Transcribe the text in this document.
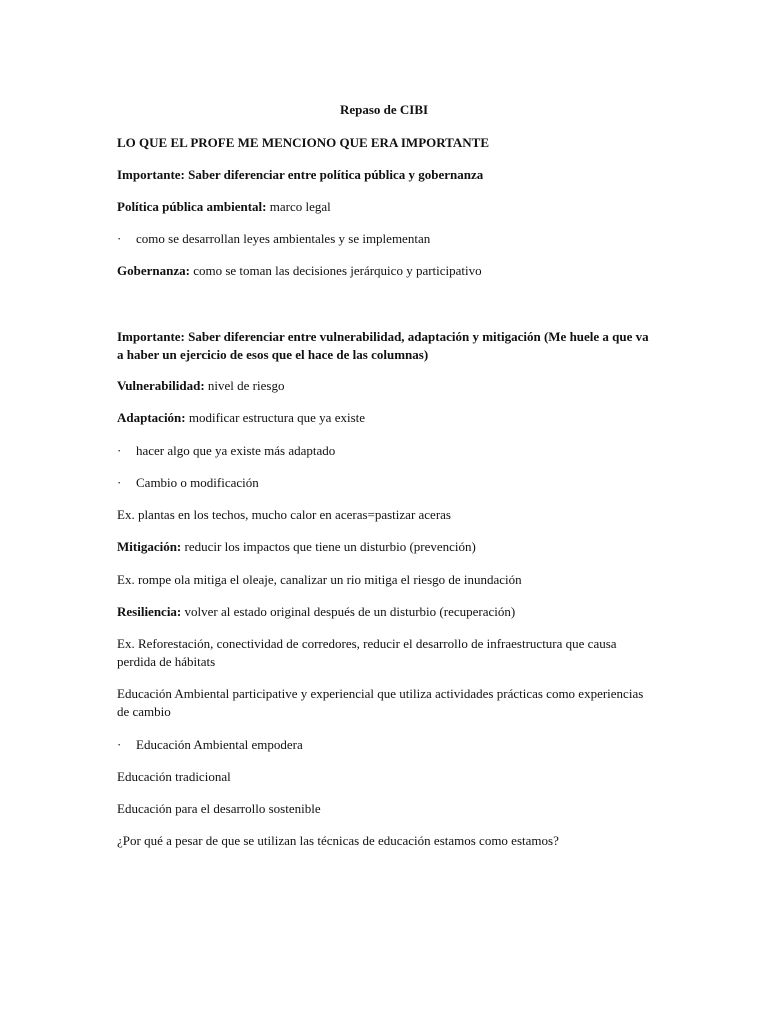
Repaso de CIBI
LO QUE EL PROFE ME MENCIONO QUE ERA IMPORTANTE
Importante: Saber diferenciar entre política pública y gobernanza
Política pública ambiental: marco legal
· como se desarrollan leyes ambientales y se implementan
Gobernanza: como se toman las decisiones jerárquico y participativo
Importante: Saber diferenciar entre vulnerabilidad, adaptación y mitigación (Me huele a que va a haber un ejercicio de esos que el hace de las columnas)
Vulnerabilidad: nivel de riesgo
Adaptación: modificar estructura que ya existe
· hacer algo que ya existe más adaptado
· Cambio o modificación
Ex. plantas en los techos, mucho calor en aceras=pastizar aceras
Mitigación: reducir los impactos que tiene un disturbio (prevención)
Ex. rompe ola mitiga el oleaje, canalizar un rio mitiga el riesgo de inundación
Resiliencia: volver al estado original después de un disturbio (recuperación)
Ex. Reforestación, conectividad de corredores, reducir el desarrollo de infraestructura que causa perdida de hábitats
Educación Ambiental participative y experiencial que utiliza actividades prácticas como experiencias de cambio
· Educación Ambiental empodera
Educación tradicional
Educación para el desarrollo sostenible
¿Por qué a pesar de que se utilizan las técnicas de educación estamos como estamos?
